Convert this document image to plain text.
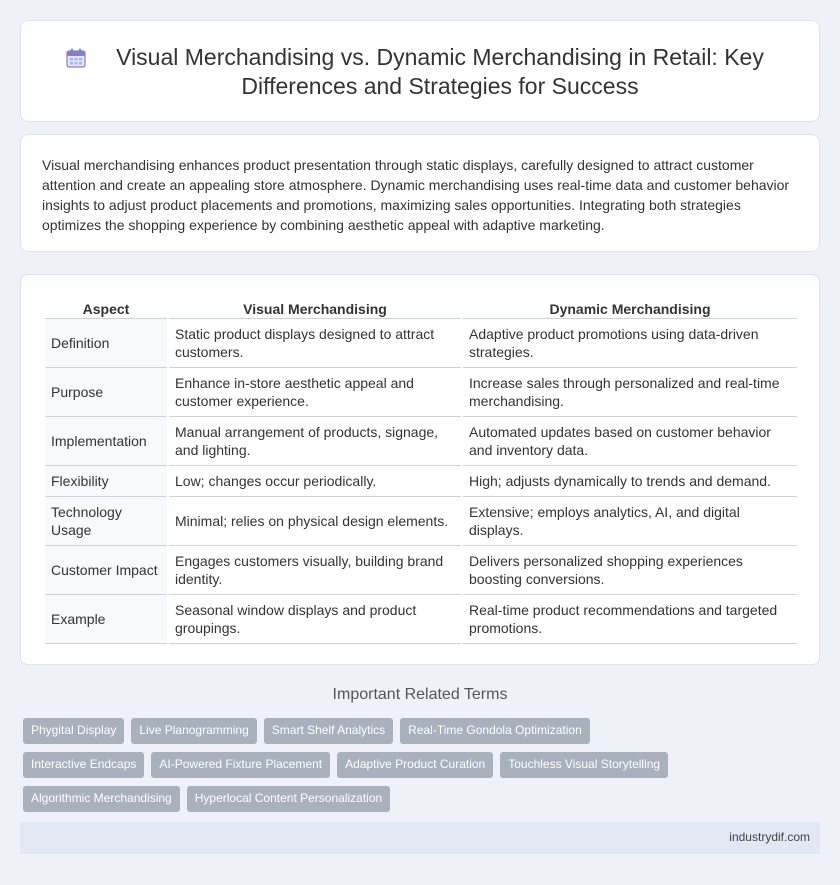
Visual Merchandising vs. Dynamic Merchandising in Retail: Key Differences and Strategies for Success

Visual merchandising enhances product presentation through static displays, carefully designed to attract customer attention and create an appealing store atmosphere. Dynamic merchandising uses real-time data and customer behavior insights to adjust product placements and promotions, maximizing sales opportunities. Integrating both strategies optimizes the shopping experience by combining aesthetic appeal with adaptive marketing.

Aspect	Visual Merchandising	Dynamic Merchandising
Definition	Static product displays designed to attract customers.	Adaptive product promotions using data-driven strategies.
Purpose	Enhance in-store aesthetic appeal and customer experience.	Increase sales through personalized and real-time merchandising.
Implementation	Manual arrangement of products, signage, and lighting.	Automated updates based on customer behavior and inventory data.
Flexibility	Low; changes occur periodically.	High; adjusts dynamically to trends and demand.
Technology Usage	Minimal; relies on physical design elements.	Extensive; employs analytics, AI, and digital displays.
Customer Impact	Engages customers visually, building brand identity.	Delivers personalized shopping experiences boosting conversions.
Example	Seasonal window displays and product groupings.	Real-time product recommendations and targeted promotions.
Important Related Terms
Phygital Display	Live Planogramming	Smart Shelf Analytics	Real-Time Gondola Optimization
Interactive Endcaps	AI-Powered Fixture Placement	Adaptive Product Curation	Touchless Visual Storytelling
Algorithmic Merchandising	Hyperlocal Content Personalization
industrydif.com
